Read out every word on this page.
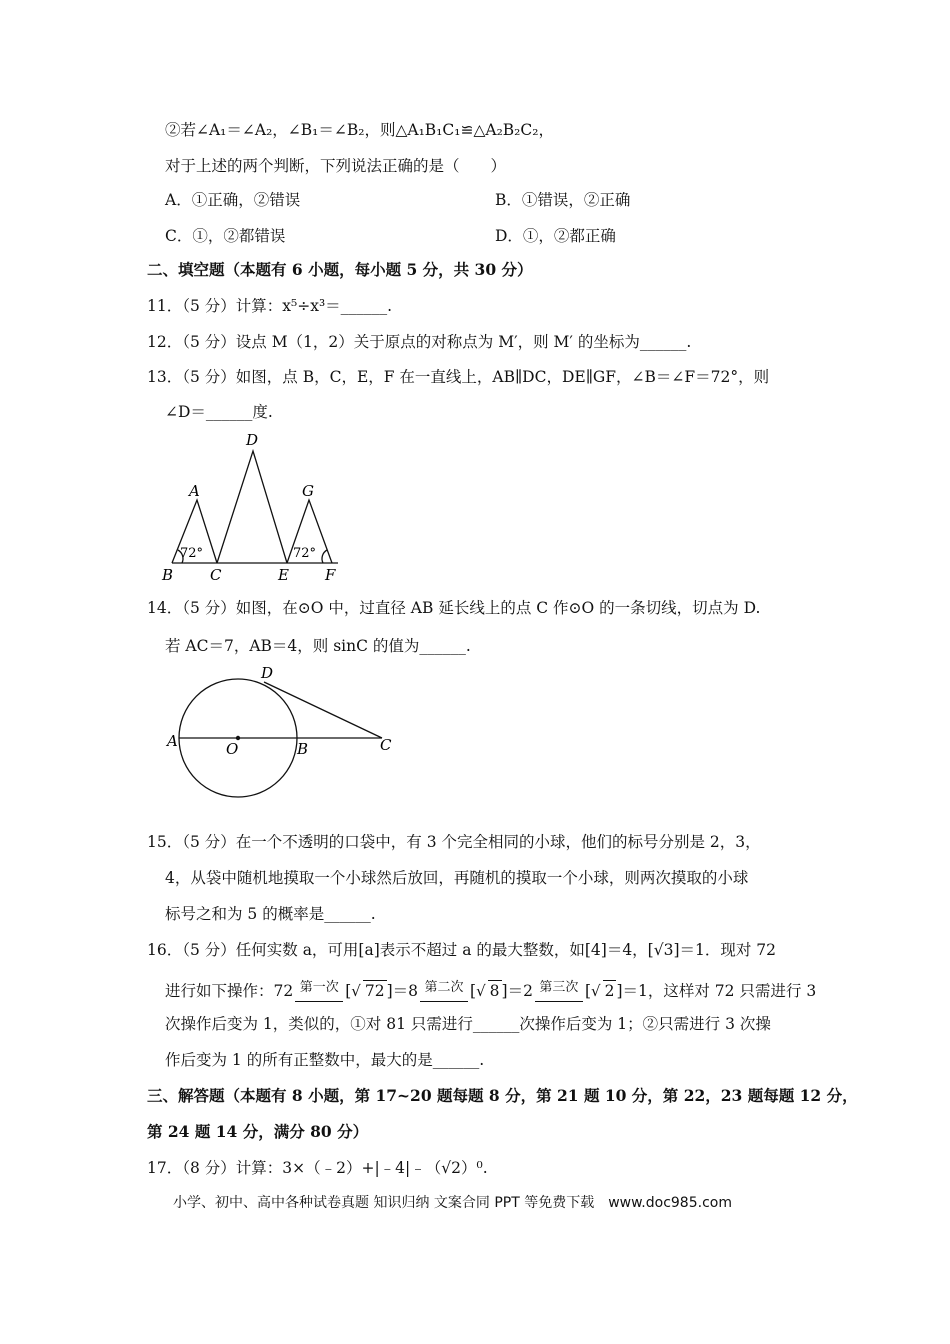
②若∠A₁＝∠A₂，∠B₁＝∠B₂，则△A₁B₁C₁≌△A₂B₂C₂，
对于上述的两个判断，下列说法正确的是（　　）
A．①正确，②错误	B．①错误，②正确
C．①，②都错误	D．①，②都正确
二、填空题（本题有 6 小题，每小题 5 分，共 30 分）
11．（5 分）计算：x⁵÷x³＝______.
12．（5 分）设点 M（1，2）关于原点的对称点为 M′，则 M′ 的坐标为______.
13．（5 分）如图，点 B，C，E，F 在一直线上，AB∥DC，DE∥GF，∠B＝∠F＝72°，则
∠D＝______度.
A
B C
D
E F
G
72°	72°
14．（5 分）如图，在⊙O 中，过直径 AB 延长线上的点 C 作⊙O 的一条切线，切点为 D.
若 AC＝7，AB＝4，则 sinC 的值为______.
A	O	B	C
D
15．（5 分）在一个不透明的口袋中，有 3 个完全相同的小球，他们的标号分别是 2，3，
4，从袋中随机地摸取一个小球然后放回，再随机的摸取一个小球，则两次摸取的小球
标号之和为 5 的概率是______.
16．（5 分）任何实数 a，可用[a]表示不超过 a 的最大整数，如[4]＝4，[√3]＝1．现对 72
进行如下操作：72 第一次 [√ 72 ]＝8 第二次 [√ 8 ]＝2 第三次 [√ 2 ]＝1，这样对 72 只需进行 3
次操作后变为 1，类似的，①对 81 只需进行______次操作后变为 1；②只需进行 3 次操
作后变为 1 的所有正整数中，最大的是______.
三、解答题（本题有 8 小题，第 17~20 题每题 8 分，第 21 题 10 分，第 22，23 题每题 12 分，
第 24 题 14 分，满分 80 分）
17．（8 分）计算：3×（﹣2）+|﹣4|﹣（√2）⁰.
小学、初中、高中各种试卷真题 知识归纳 文案合同 PPT 等免费下载　www.doc985.com
